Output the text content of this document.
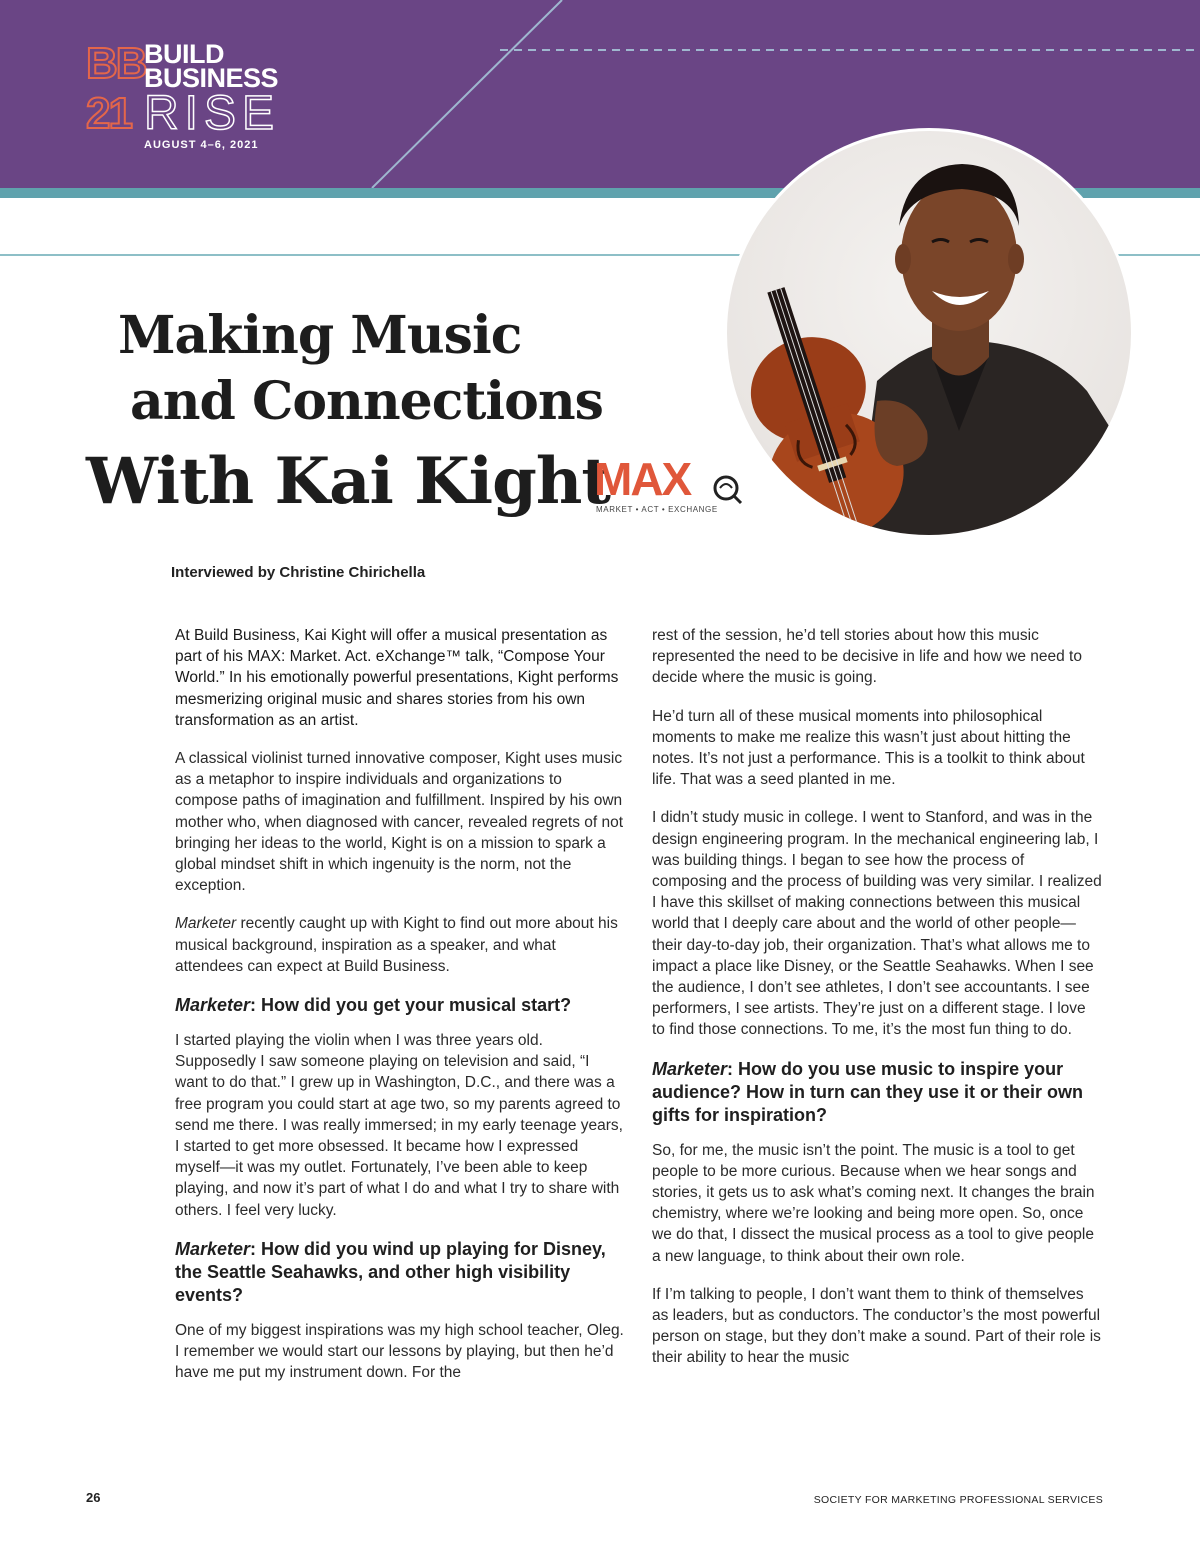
BB
21
BUILD
BUSINESS
RISE
AUGUST 4–6, 2021
Making Music
and Connections
With Kai Kight
MAX
MARKET • ACT • EXCHANGE
Interviewed by Christine Chirichella

At Build Business, Kai Kight will offer a musical presentation as part of his MAX: Market. Act. eXchange™ talk, “Compose Your World.” In his emotionally powerful presentations, Kight performs mesmerizing original music and shares stories from his own transformation as an artist.

A classical violinist turned innovative composer, Kight uses music as a metaphor to inspire individuals and organizations to compose paths of imagination and fulfillment. Inspired by his own mother who, when diagnosed with cancer, revealed regrets of not bringing her ideas to the world, Kight is on a mission to spark a global mindset shift in which ingenuity is the norm, not the exception.

Marketer recently caught up with Kight to find out more about his musical background, inspiration as a speaker, and what attendees can expect at Build Business.

Marketer: How did you get your musical start?

I started playing the violin when I was three years old. Supposedly I saw someone playing on television and said, “I want to do that.” I grew up in Washington, D.C., and there was a free program you could start at age two, so my parents agreed to send me there. I was really immersed; in my early teenage years, I started to get more obsessed. It became how I expressed myself—it was my outlet. Fortunately, I’ve been able to keep playing, and now it’s part of what I do and what I try to share with others. I feel very lucky.

Marketer: How did you wind up playing for Disney, the Seattle Seahawks, and other high visibility events?

One of my biggest inspirations was my high school teacher, Oleg. I remember we would start our lessons by playing, but then he’d have me put my instrument down. For the

rest of the session, he’d tell stories about how this music represented the need to be decisive in life and how we need to decide where the music is going.

He’d turn all of these musical moments into philosophical moments to make me realize this wasn’t just about hitting the notes. It’s not just a performance. This is a toolkit to think about life. That was a seed planted in me.

I didn’t study music in college. I went to Stanford, and was in the design engineering program. In the mechanical engineering lab, I was building things. I began to see how the process of composing and the process of building was very similar. I realized I have this skillset of making connections between this musical world that I deeply care about and the world of other people—their day-to-day job, their organization. That’s what allows me to impact a place like Disney, or the Seattle Seahawks. When I see the audience, I don’t see athletes, I don’t see accountants. I see performers, I see artists. They’re just on a different stage. I love to find those connections. To me, it’s the most fun thing to do.

Marketer: How do you use music to inspire your audience? How in turn can they use it or their own gifts for inspiration?

So, for me, the music isn’t the point. The music is a tool to get people to be more curious. Because when we hear songs and stories, it gets us to ask what’s coming next. It changes the brain chemistry, where we’re looking and being more open. So, once we do that, I dissect the musical process as a tool to give people a new language, to think about their own role.

If I’m talking to people, I don’t want them to think of themselves as leaders, but as conductors. The conductor’s the most powerful person on stage, but they don’t make a sound. Part of their role is their ability to hear the music

26	SOCIETY FOR MARKETING PROFESSIONAL SERVICES
